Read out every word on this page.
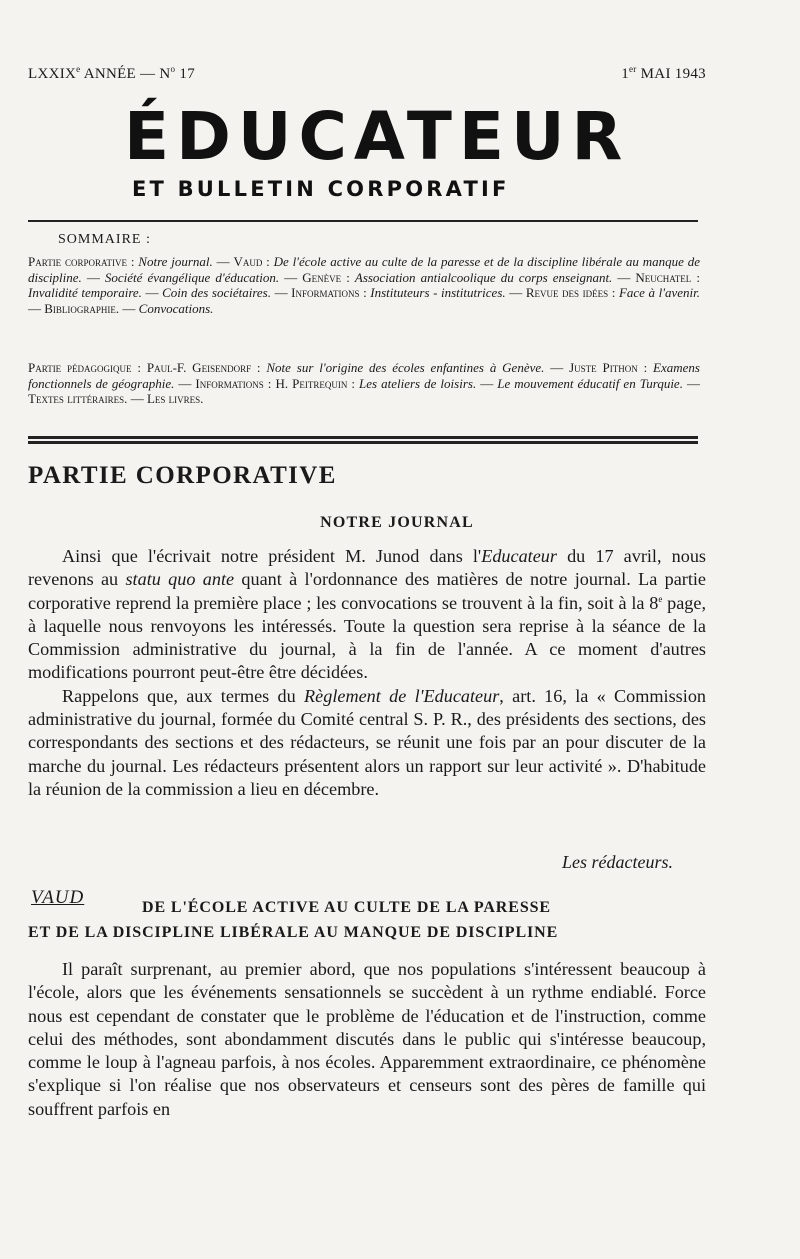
LXXIXe ANNÉE — $N^o$ 17	1er MAI 1943
ÉDUCATEUR
ET BULLETIN CORPORATIF
SOMMAIRE :
Partie corporative : Notre journal. — Vaud : De l'école active au culte de la paresse et de la discipline libérale au manque de discipline. — Société évangélique d'éducation. — Genève : Association antialcoolique du corps enseignant. — Neuchatel : Invalidité temporaire. — Coin des sociétaires. — Informations : Instituteurs - institutrices. — Revue des idées : Face à l'avenir. — Bibliographie. — Convocations.
Partie pédagogique : Paul-F. Geisendorf : Note sur l'origine des écoles enfantines à Genève. — Juste Pithon : Examens fonctionnels de géographie. — Informations : H. Peitrequin : Les ateliers de loisirs. — Le mouvement éducatif en Turquie. — Textes littéraires. — Les livres.
PARTIE CORPORATIVE
NOTRE JOURNAL

Ainsi que l'écrivait notre président M. Junod dans l'Educateur du 17 avril, nous revenons au statu quo ante quant à l'ordonnance des matières de notre journal. La partie corporative reprend la première place ; les convocations se trouvent à la fin, soit à la 8e page, à laquelle nous renvoyons les intéressés. Toute la question sera reprise à la séance de la Commission administrative du journal, à la fin de l'année. A ce moment d'autres modifications pourront peut-être être décidées.

Rappelons que, aux termes du Règlement de l'Educateur, art. 16, la « Commission administrative du journal, formée du Comité central S. P. R., des présidents des sections, des correspondants des sections et des rédacteurs, se réunit une fois par an pour discuter de la marche du journal. Les rédacteurs présentent alors un rapport sur leur activité ». D'habitude la réunion de la commission a lieu en décembre.

Les rédacteurs.
VAUD	DE L'ÉCOLE ACTIVE AU CULTE DE LA PARESSE
ET DE LA DISCIPLINE LIBÉRALE AU MANQUE DE DISCIPLINE

Il paraît surprenant, au premier abord, que nos populations s'intéressent beaucoup à l'école, alors que les événements sensationnels se succèdent à un rythme endiablé. Force nous est cependant de constater que le problème de l'éducation et de l'instruction, comme celui des méthodes, sont abondamment discutés dans le public qui s'intéresse beaucoup, comme le loup à l'agneau parfois, à nos écoles. Apparemment extraordinaire, ce phénomène s'explique si l'on réalise que nos observateurs et censeurs sont des pères de famille qui souffrent parfois en
